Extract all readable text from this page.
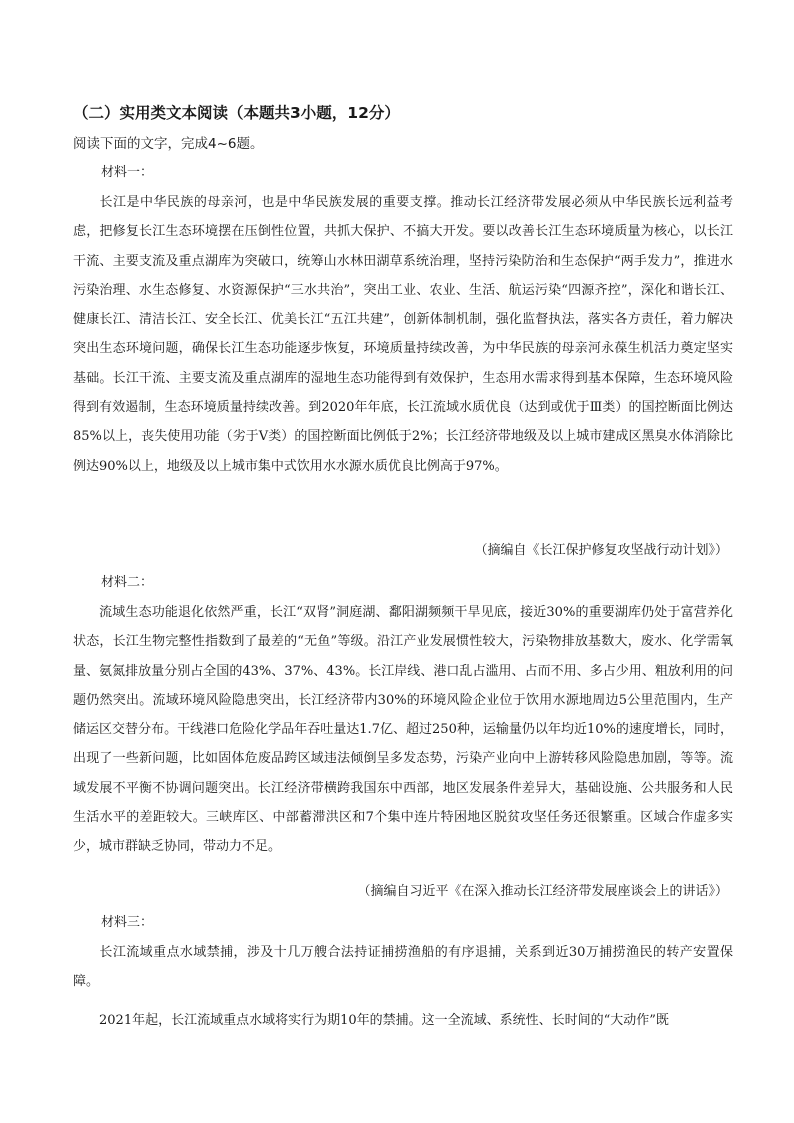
（二）实用类文本阅读（本题共3小题，12分）
阅读下面的文字，完成4~6题。
材料一：
长江是中华民族的母亲河，也是中华民族发展的重要支撑。推动长江经济带发展必须从中华民族长远利益考虑，把修复长江生态环境摆在压倒性位置，共抓大保护、不搞大开发。要以改善长江生态环境质量为核心，以长江干流、主要支流及重点湖库为突破口，统筹山水林田湖草系统治理，坚持污染防治和生态保护“两手发力”，推进水污染治理、水生态修复、水资源保护“三水共治”，突出工业、农业、生活、航运污染“四源齐控”，深化和谐长江、健康长江、清洁长江、安全长江、优美长江“五江共建”，创新体制机制，强化监督执法，落实各方责任，着力解决突出生态环境问题，确保长江生态功能逐步恢复，环境质量持续改善，为中华民族的母亲河永葆生机活力奠定坚实基础。长江干流、主要支流及重点湖库的湿地生态功能得到有效保护，生态用水需求得到基本保障，生态环境风险得到有效遏制，生态环境质量持续改善。到2020年年底，长江流域水质优良（达到或优于Ⅲ类）的国控断面比例达85%以上，丧失使用功能（劣于Ⅴ类）的国控断面比例低于2%；长江经济带地级及以上城市建成区黑臭水体消除比例达90%以上，地级及以上城市集中式饮用水水源水质优良比例高于97%。
（摘编自《长江保护修复攻坚战行动计划》）
材料二：
流域生态功能退化依然严重，长江“双肾”洞庭湖、鄱阳湖频频干旱见底，接近30%的重要湖库仍处于富营养化状态，长江生物完整性指数到了最差的“无鱼”等级。沿江产业发展惯性较大，污染物排放基数大，废水、化学需氧量、氨氮排放量分别占全国的43%、37%、43%。长江岸线、港口乱占滥用、占而不用、多占少用、粗放利用的问题仍然突出。流域环境风险隐患突出，长江经济带内30%的环境风险企业位于饮用水源地周边5公里范围内，生产储运区交替分布。干线港口危险化学品年吞吐量达1.7亿、超过250种，运输量仍以年均近10%的速度增长，同时，出现了一些新问题，比如固体危废品跨区域违法倾倒呈多发态势，污染产业向中上游转移风险隐患加剧，等等。流域发展不平衡不协调问题突出。长江经济带横跨我国东中西部，地区发展条件差异大，基础设施、公共服务和人民生活水平的差距较大。三峡库区、中部蓄滞洪区和7个集中连片特困地区脱贫攻坚任务还很繁重。区域合作虚多实少，城市群缺乏协同，带动力不足。
（摘编自习近平《在深入推动长江经济带发展座谈会上的讲话》）
材料三：
长江流域重点水域禁捕，涉及十几万艘合法持证捕捞渔船的有序退捕，关系到近30万捕捞渔民的转产安置保障。
2021年起，长江流域重点水域将实行为期10年的禁捕。这一全流域、系统性、长时间的“大动作”既
